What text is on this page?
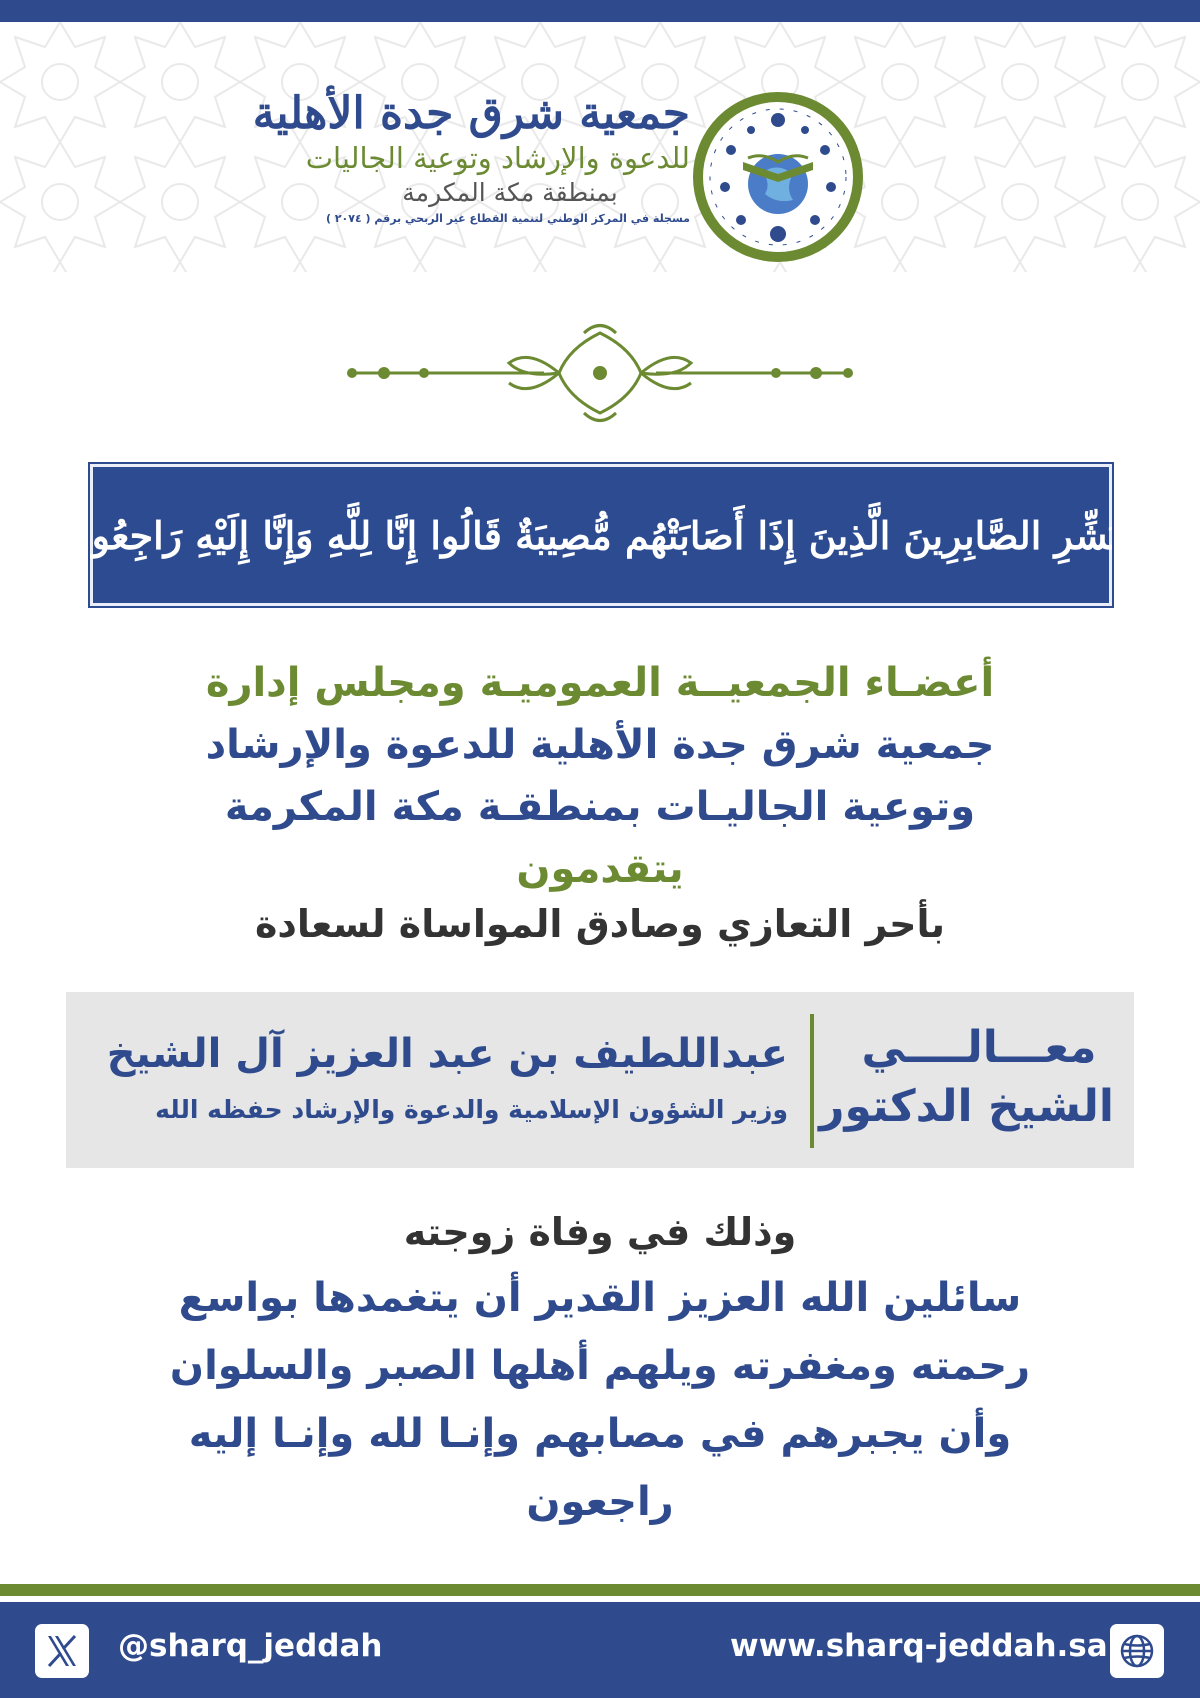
جمعية شرق جدة الأهلية
للدعوة والإرشاد وتوعية الجاليات
بمنطقة مكة المكرمة
مسجلة في المركز الوطني لتنمية القطاع غير الربحي برقم ( ٢٠٧٤ )
وَبَشِّرِ الصَّابِرِينَ الَّذِينَ إِذَا أَصَابَتْهُم مُّصِيبَةٌ قَالُوا إِنَّا لِلَّهِ وَإِنَّا إِلَيْهِ رَاجِعُونَ
أعضـاء الجمعيــة العموميـة ومجلس إدارة
جمعية شرق جدة الأهلية للدعوة والإرشاد
وتوعية الجاليـات بمنطقـة مكة المكرمة
يتقدمون
بأحر التعازي وصادق المواساة لسعادة
معـــالــــي
الشيخ الدكتور
عبداللطيف بن عبد العزيز آل الشيخ
وزير الشؤون الإسلامية والدعوة والإرشاد حفظه الله
وذلك في وفاة زوجته
سائلين الله العزيز القدير أن يتغمدها بواسع
رحمته ومغفرته ويلهم أهلها الصبر والسلوان
وأن يجبرهم في مصابهم وإنـا لله وإنـا إليه
راجعون
@sharq_jeddah	www.sharq-jeddah.sa
